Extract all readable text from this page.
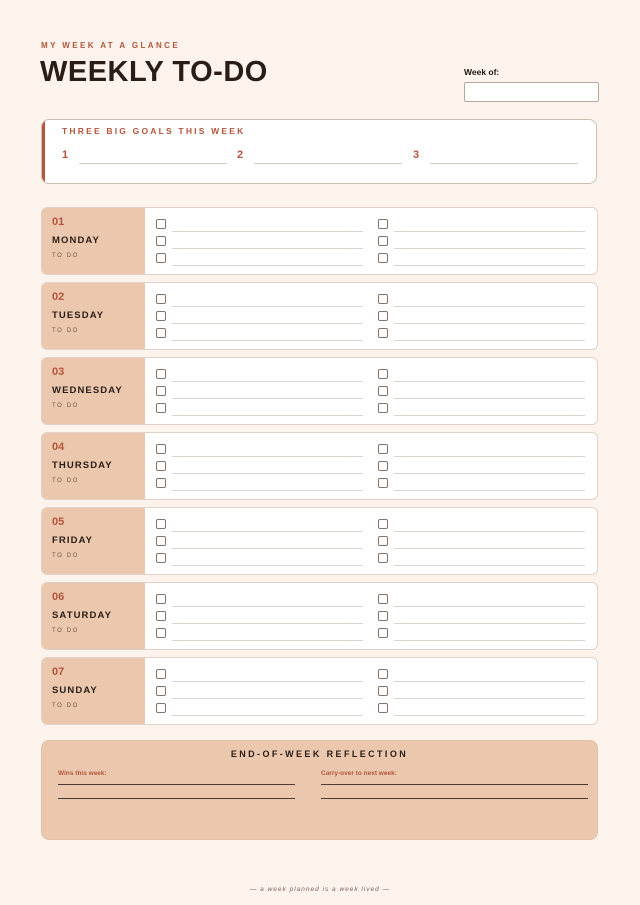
MY WEEK AT A GLANCE
WEEKLY TO-DO	Week of:
THREE BIG GOALS THIS WEEK
1	2	3
01
MONDAY
TO DO
02
TUESDAY
TO DO
03
WEDNESDAY
TO DO
04
THURSDAY
TO DO
05
FRIDAY
TO DO
06
SATURDAY
TO DO
07
SUNDAY
TO DO
END-OF-WEEK REFLECTION
Wins this week:	Carry-over to next week:
— a week planned is a week lived —
